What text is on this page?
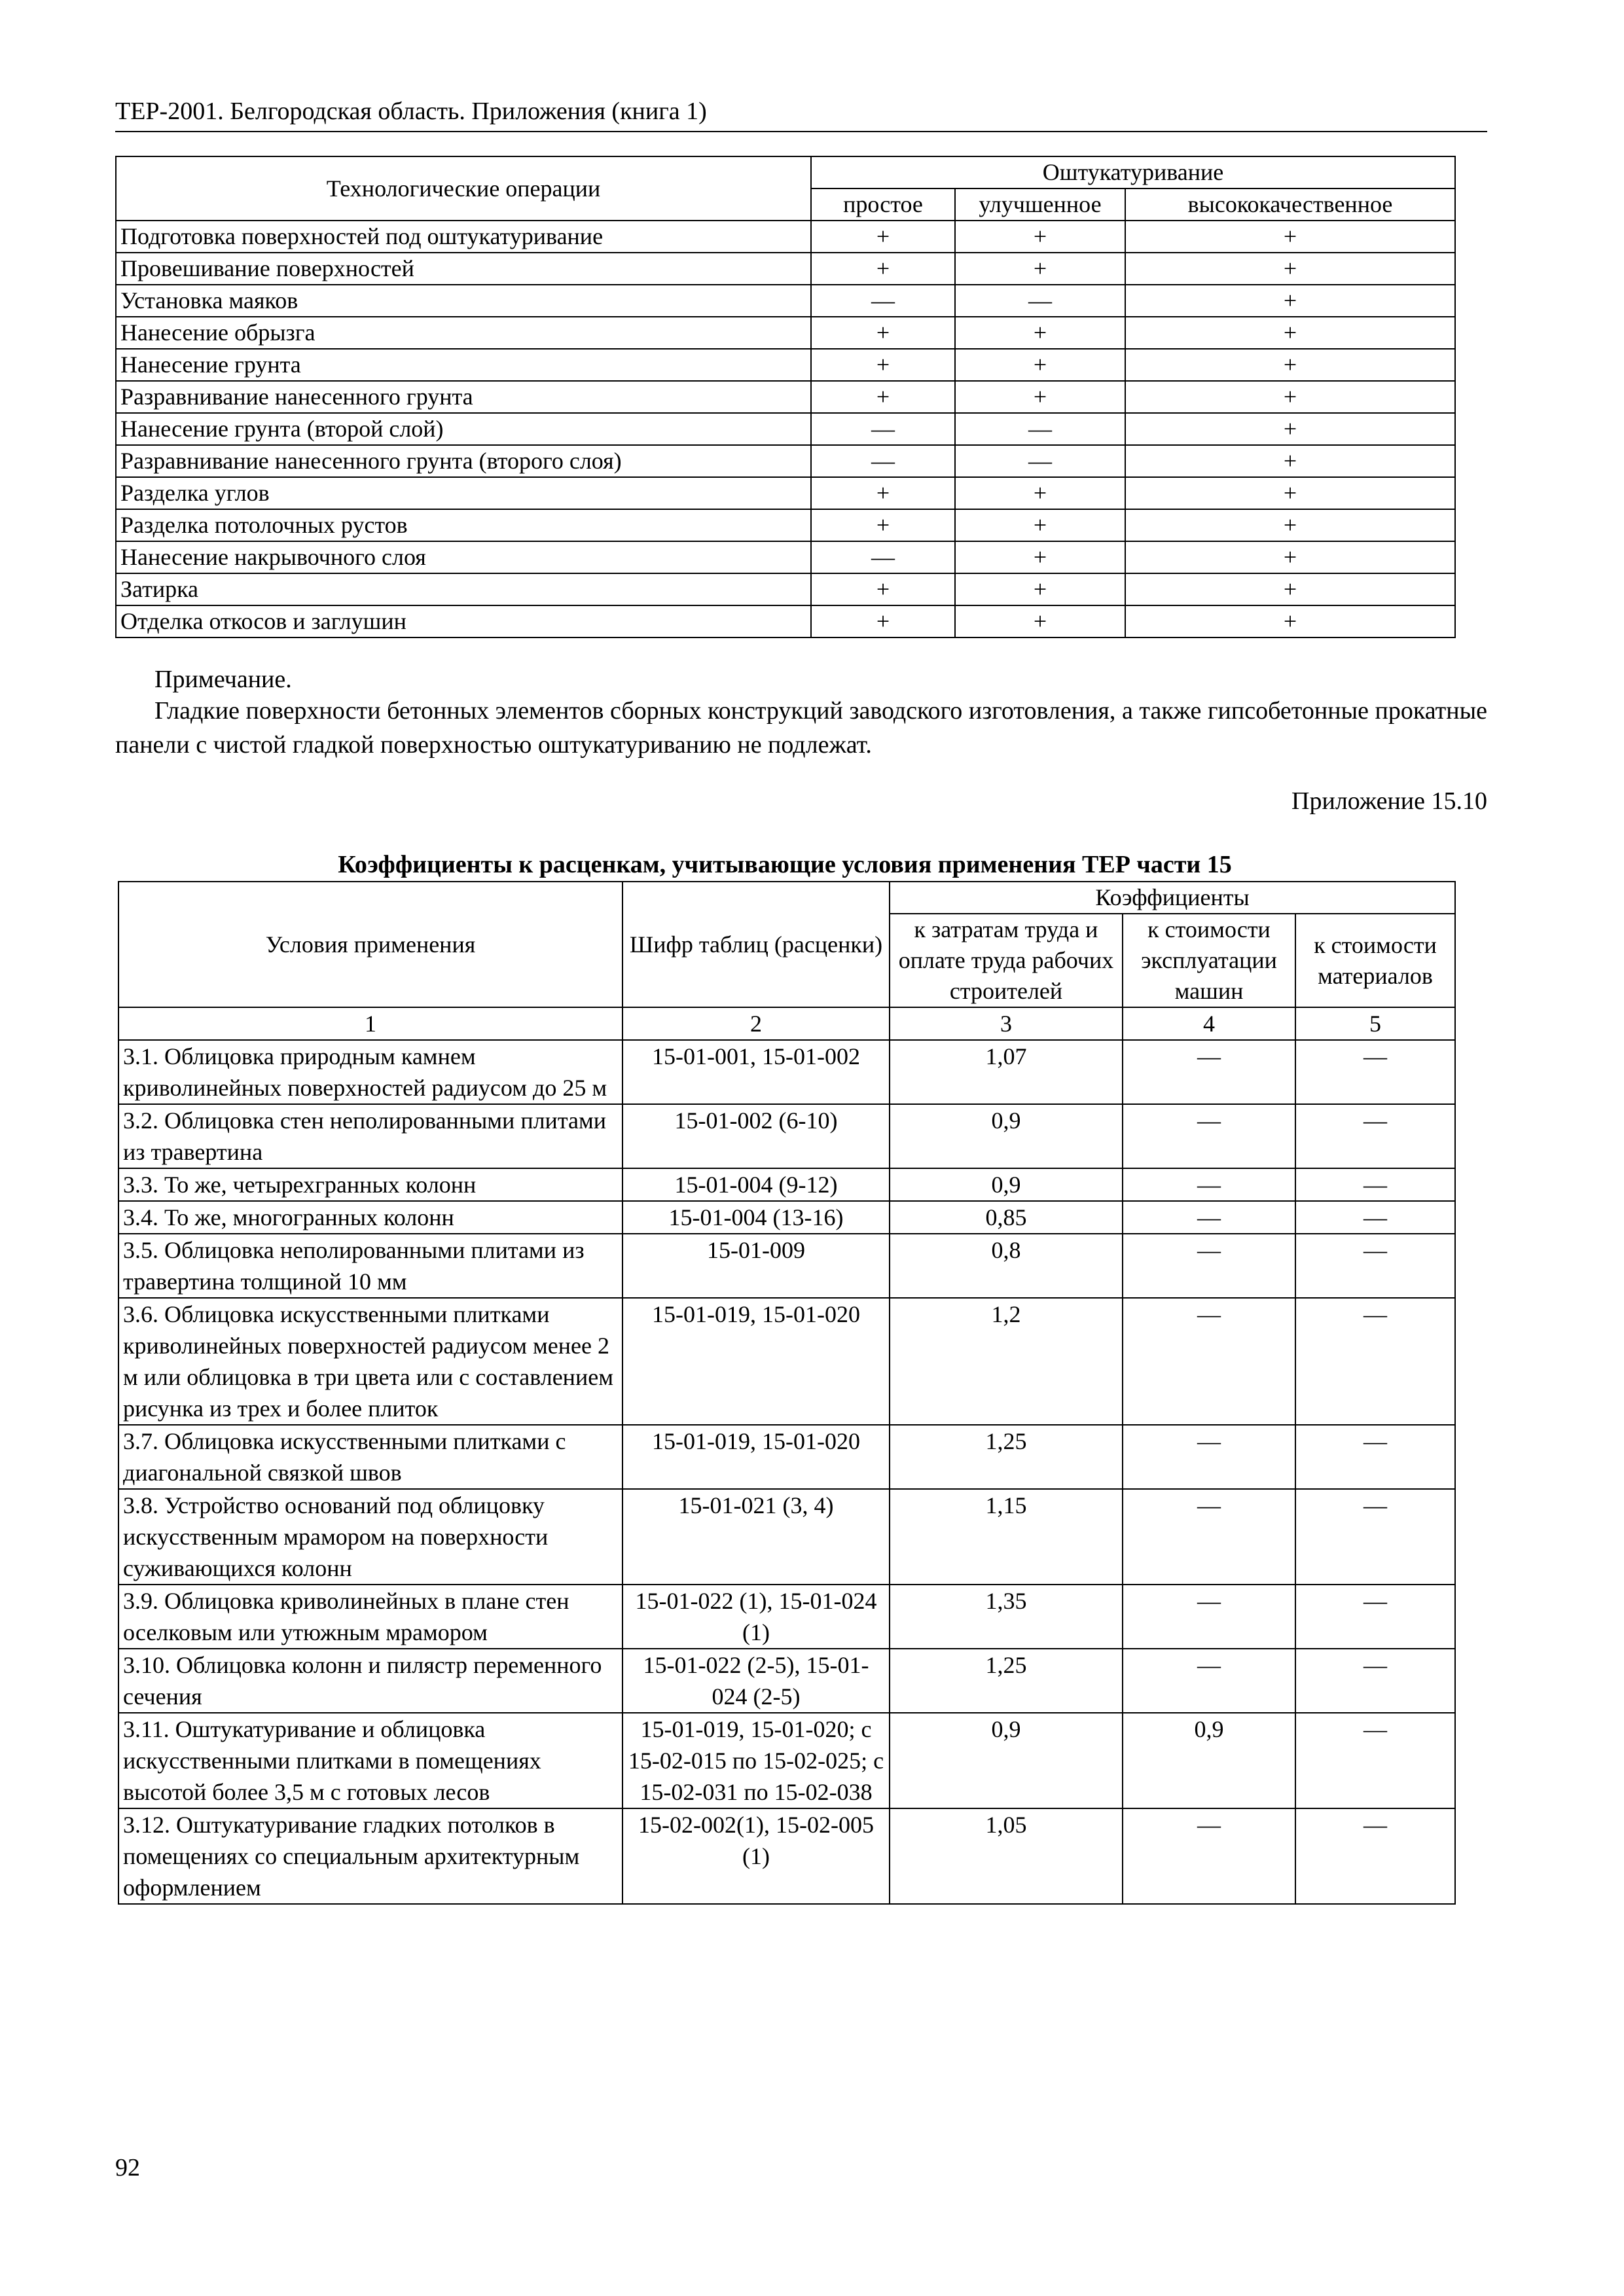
ТЕР-2001. Белгородская область. Приложения (книга 1)
Технологические операции	Оштукатуривание		
	простое	улучшенное	высококачественное
Подготовка поверхностей под оштукатуривание	+	+	+
Провешивание поверхностей	+	+	+
Установка маяков	—	—	+
Нанесение обрызга	+	+	+
Нанесение грунта	+	+	+
Разравнивание нанесенного грунта	+	+	+
Нанесение грунта (второй слой)	—	—	+
Разравнивание нанесенного грунта (второго слоя)	—	—	+
Разделка углов	+	+	+
Разделка потолочных рустов	+	+	+
Нанесение накрывочного слоя	—	+	+
Затирка	+	+	+
Отделка откосов и заглушин	+	+	+
Примечание.
Гладкие поверхности бетонных элементов сборных конструкций заводского изготовления, а также гипсобетонные прокатные панели с чистой гладкой поверхностью оштукатуриванию не подлежат.
Приложение 15.10
Коэффициенты к расценкам, учитывающие условия применения ТЕР части 15
Условия применения	Шифр таблиц (расценки)	Коэффициенты		
		к затратам труда и оплате труда рабочих строителей	к стоимости эксплуатации машин	к стоимости материалов
1	2	3	4	5
3.1. Облицовка природным камнем криволинейных поверхностей радиусом до 25 м	15-01-001, 15-01-002	1,07	—	—
3.2. Облицовка стен неполированными плитами из травертина	15-01-002 (6-10)	0,9	—	—
3.3. То же, четырехгранных колонн	15-01-004 (9-12)	0,9	—	—
3.4. То же, многогранных колонн	15-01-004 (13-16)	0,85	—	—
3.5. Облицовка неполированными плитами из травертина толщиной 10 мм	15-01-009	0,8	—	—
3.6. Облицовка искусственными плитками криволинейных поверхностей радиусом менее 2 м или облицовка в три цвета или с составлением рисунка из трех и более плиток	15-01-019, 15-01-020	1,2	—	—
3.7. Облицовка искусственными плитками с диагональной связкой швов	15-01-019, 15-01-020	1,25	—	—
3.8. Устройство оснований под облицовку искусственным мрамором на поверхности суживающихся колонн	15-01-021 (3, 4)	1,15	—	—
3.9. Облицовка криволинейных в плане стен оселковым или утюжным мрамором	15-01-022 (1), 15-01-024 (1)	1,35	—	—
3.10. Облицовка колонн и пилястр переменного сечения	15-01-022 (2-5), 15-01-024 (2-5)	1,25	—	—
3.11. Оштукатуривание и облицовка искусственными плитками в помещениях высотой более 3,5 м с готовых лесов	15-01-019, 15-01-020; с 15-02-015 по 15-02-025; с 15-02-031 по 15-02-038	0,9	0,9	—
3.12. Оштукатуривание гладких потолков в помещениях со специальным архитектурным оформлением	15-02-002(1), 15-02-005 (1)	1,05	—	—
92
